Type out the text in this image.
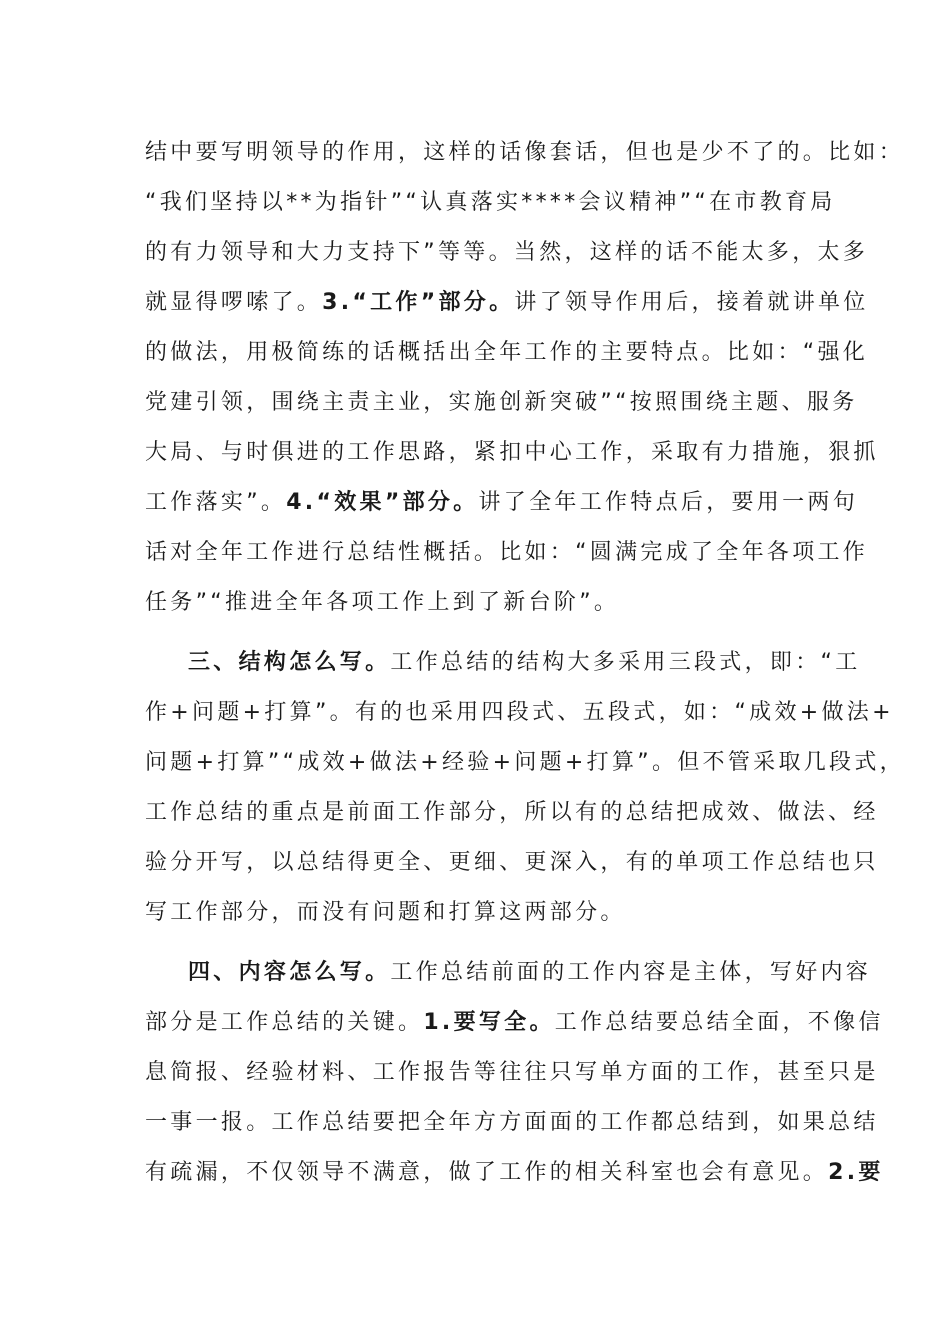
结中要写明领导的作用，这样的话像套话，但也是少不了的。比如：
“我们坚持以**为指针”“认真落实****会议精神”“在市教育局
的有力领导和大力支持下”等等。当然，这样的话不能太多，太多
就显得啰嗦了。3.“工作”部分。讲了领导作用后，接着就讲单位
的做法，用极简练的话概括出全年工作的主要特点。比如：“强化
党建引领，围绕主责主业，实施创新突破”“按照围绕主题、服务
大局、与时俱进的工作思路，紧扣中心工作，采取有力措施，狠抓
工作落实”。4.“效果”部分。讲了全年工作特点后，要用一两句
话对全年工作进行总结性概括。比如：“圆满完成了全年各项工作
任务”“推进全年各项工作上到了新台阶”。
三、结构怎么写。工作总结的结构大多采用三段式，即：“工
作+问题+打算”。有的也采用四段式、五段式，如：“成效+做法+
问题+打算”“成效+做法+经验+问题+打算”。但不管采取几段式，
工作总结的重点是前面工作部分，所以有的总结把成效、做法、经
验分开写，以总结得更全、更细、更深入，有的单项工作总结也只
写工作部分，而没有问题和打算这两部分。
四、内容怎么写。工作总结前面的工作内容是主体，写好内容
部分是工作总结的关键。1.要写全。工作总结要总结全面，不像信
息简报、经验材料、工作报告等往往只写单方面的工作，甚至只是
一事一报。工作总结要把全年方方面面的工作都总结到，如果总结
有疏漏，不仅领导不满意，做了工作的相关科室也会有意见。2.要
